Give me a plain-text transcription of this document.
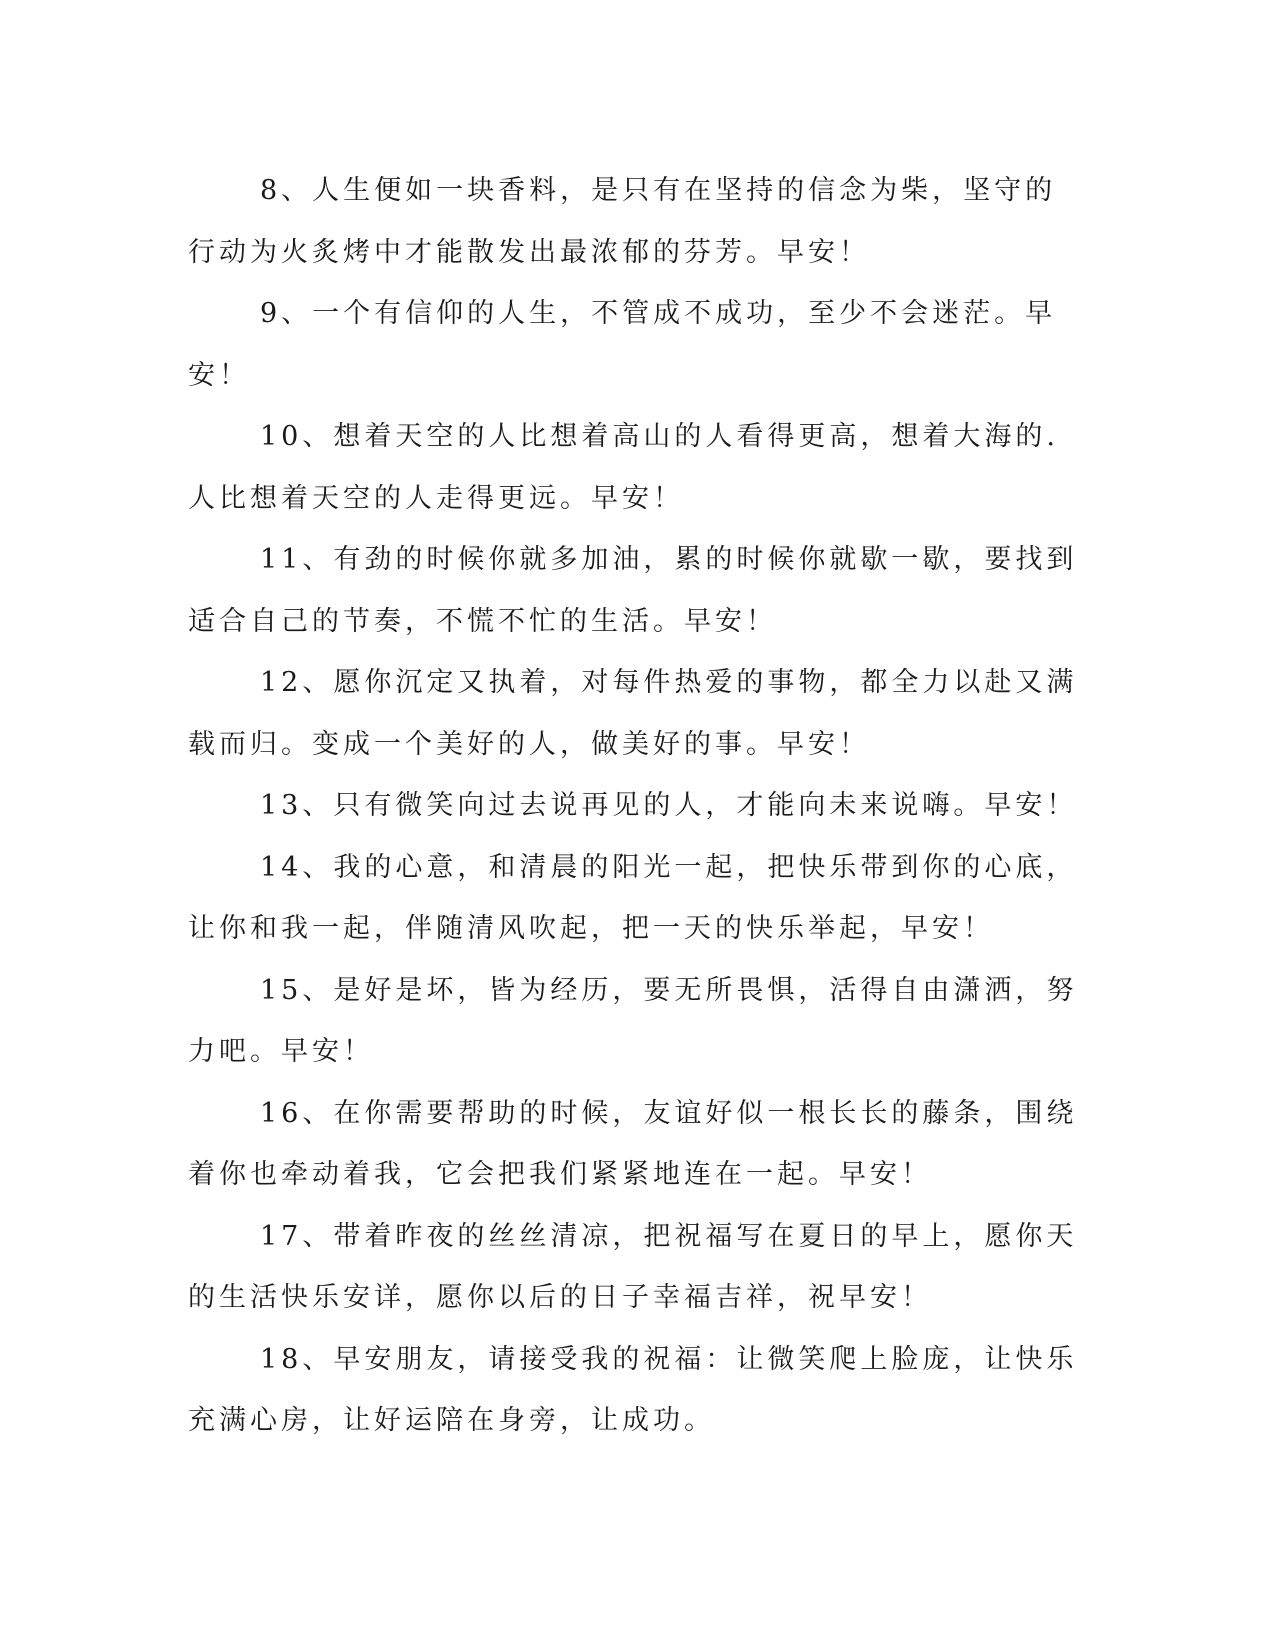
8、人生便如一块香料，是只有在坚持的信念为柴，坚守的行动为火炙烤中才能散发出最浓郁的芬芳。早安！

9、一个有信仰的人生，不管成不成功，至少不会迷茫。早安！

10、想着天空的人比想着高山的人看得更高，想着大海的.人比想着天空的人走得更远。早安！

11、有劲的时候你就多加油，累的时候你就歇一歇，要找到适合自己的节奏，不慌不忙的生活。早安！

12、愿你沉定又执着，对每件热爱的事物，都全力以赴又满载而归。变成一个美好的人，做美好的事。早安！

13、只有微笑向过去说再见的人，才能向未来说嗨。早安！

14、我的心意，和清晨的阳光一起，把快乐带到你的心底，让你和我一起，伴随清风吹起，把一天的快乐举起，早安！

15、是好是坏，皆为经历，要无所畏惧，活得自由潇洒，努力吧。早安！

16、在你需要帮助的时候，友谊好似一根长长的藤条，围绕着你也牵动着我，它会把我们紧紧地连在一起。早安！

17、带着昨夜的丝丝清凉，把祝福写在夏日的早上，愿你天的生活快乐安详，愿你以后的日子幸福吉祥，祝早安！

18、早安朋友，请接受我的祝福：让微笑爬上脸庞，让快乐充满心房，让好运陪在身旁，让成功。
